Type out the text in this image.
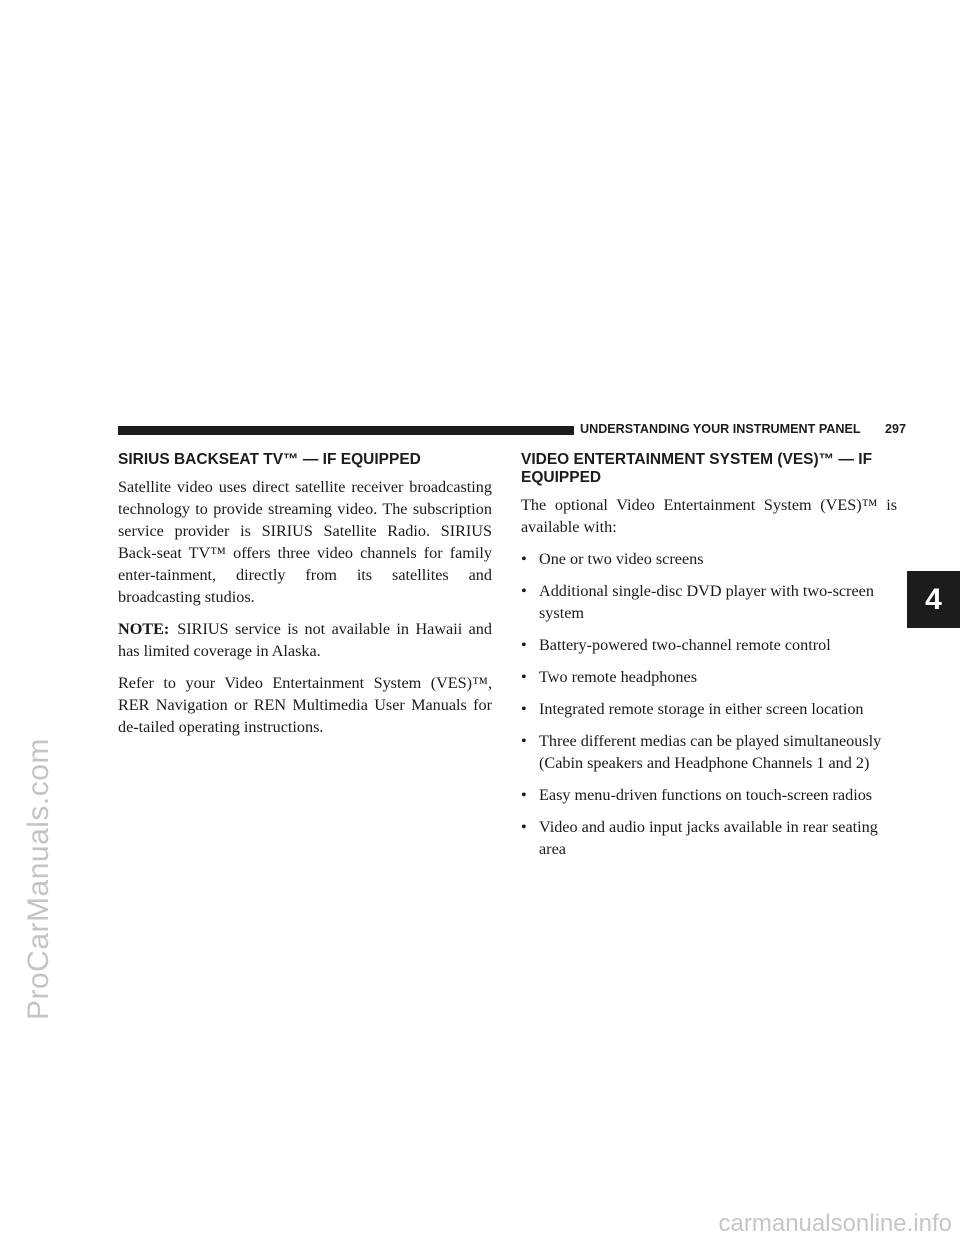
ProCarManuals.com
UNDERSTANDING YOUR INSTRUMENT PANEL 297
4
SIRIUS BACKSEAT TV™ — IF EQUIPPED

Satellite video uses direct satellite receiver broadcasting technology to provide streaming video. The subscription service provider is SIRIUS Satellite Radio. SIRIUS Back-seat TV™ offers three video channels for family enter-tainment, directly from its satellites and broadcasting studios.

NOTE: SIRIUS service is not available in Hawaii and has limited coverage in Alaska.

Refer to your Video Entertainment System (VES)™, RER Navigation or REN Multimedia User Manuals for de-tailed operating instructions.

VIDEO ENTERTAINMENT SYSTEM (VES)™ — IF EQUIPPED

The optional Video Entertainment System (VES)™ is available with:

• One or two video screens
• Additional single-disc DVD player with two-screen system
• Battery-powered two-channel remote control
• Two remote headphones
• Integrated remote storage in either screen location
• Three different medias can be played simultaneously (Cabin speakers and Headphone Channels 1 and 2)
• Easy menu-driven functions on touch-screen radios
• Video and audio input jacks available in rear seating area
carmanualsonline.info
